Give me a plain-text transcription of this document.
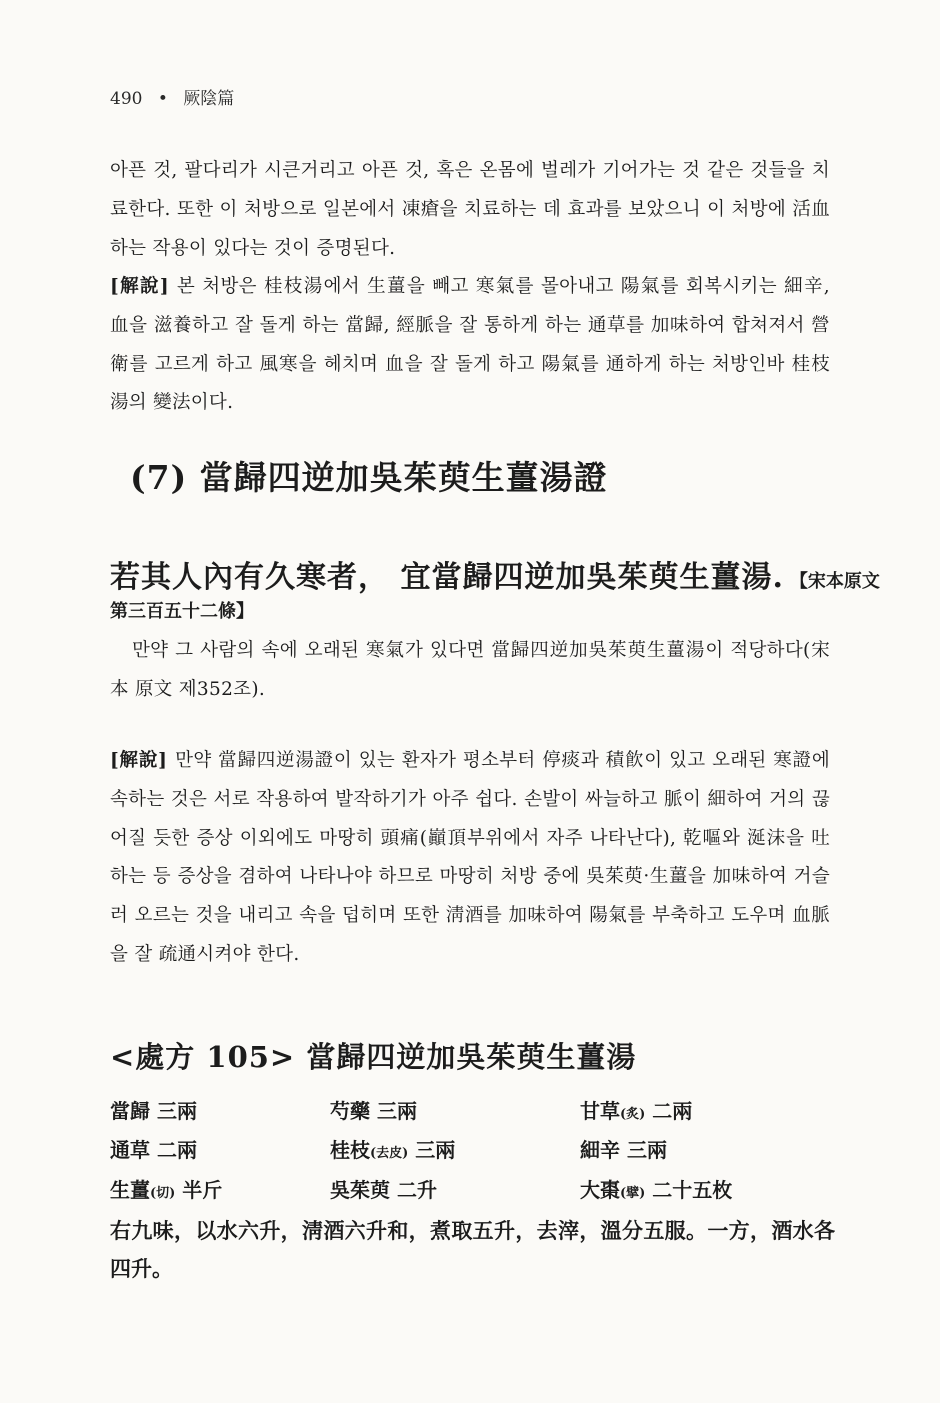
490 • 厥陰篇

아픈 것, 팔다리가 시큰거리고 아픈 것, 혹은 온몸에 벌레가 기어가는 것 같은 것들을 치료한다. 또한 이 처방으로 일본에서 凍瘡을 치료하는 데 효과를 보았으니 이 처방에 活血하는 작용이 있다는 것이 증명된다.

[解說] 본 처방은 桂枝湯에서 生薑을 빼고 寒氣를 몰아내고 陽氣를 회복시키는 細辛, 血을 滋養하고 잘 돌게 하는 當歸, 經脈을 잘 통하게 하는 通草를 加味하여 합쳐져서 營衛를 고르게 하고 風寒을 헤치며 血을 잘 돌게 하고 陽氣를 通하게 하는 처방인바 桂枝湯의 變法이다.

(7) 當歸四逆加吳茱萸生薑湯證
若其人內有久寒者， 宜當歸四逆加吳茱萸生薑湯. 【宋本原文
第三百五十二條】

만약 그 사람의 속에 오래된 寒氣가 있다면 當歸四逆加吳茱萸生薑湯이 적당하다(宋本 原文 제352조).

[解說] 만약 當歸四逆湯證이 있는 환자가 평소부터 停痰과 積飮이 있고 오래된 寒證에 속하는 것은 서로 작용하여 발작하기가 아주 쉽다. 손발이 싸늘하고 脈이 細하여 거의 끊어질 듯한 증상 이외에도 마땅히 頭痛(巓頂부위에서 자주 나타난다), 乾嘔와 涎沫을 吐하는 등 증상을 겸하여 나타나야 하므로 마땅히 처방 중에 吳茱萸·生薑을 加味하여 거슬러 오르는 것을 내리고 속을 덥히며 또한 淸酒를 加味하여 陽氣를 부축하고 도우며 血脈을 잘 疏通시켜야 한다.

<處方 105> 當歸四逆加吳茱萸生薑湯
當歸 三兩	芍藥 三兩	甘草(炙) 二兩
通草 二兩	桂枝(去皮) 三兩	細辛 三兩
生薑(切) 半斤	吳茱萸 二升	大棗(擘) 二十五枚

右九味，以水六升，淸酒六升和，煮取五升，去滓，溫分五服。一方，酒水各四升。
